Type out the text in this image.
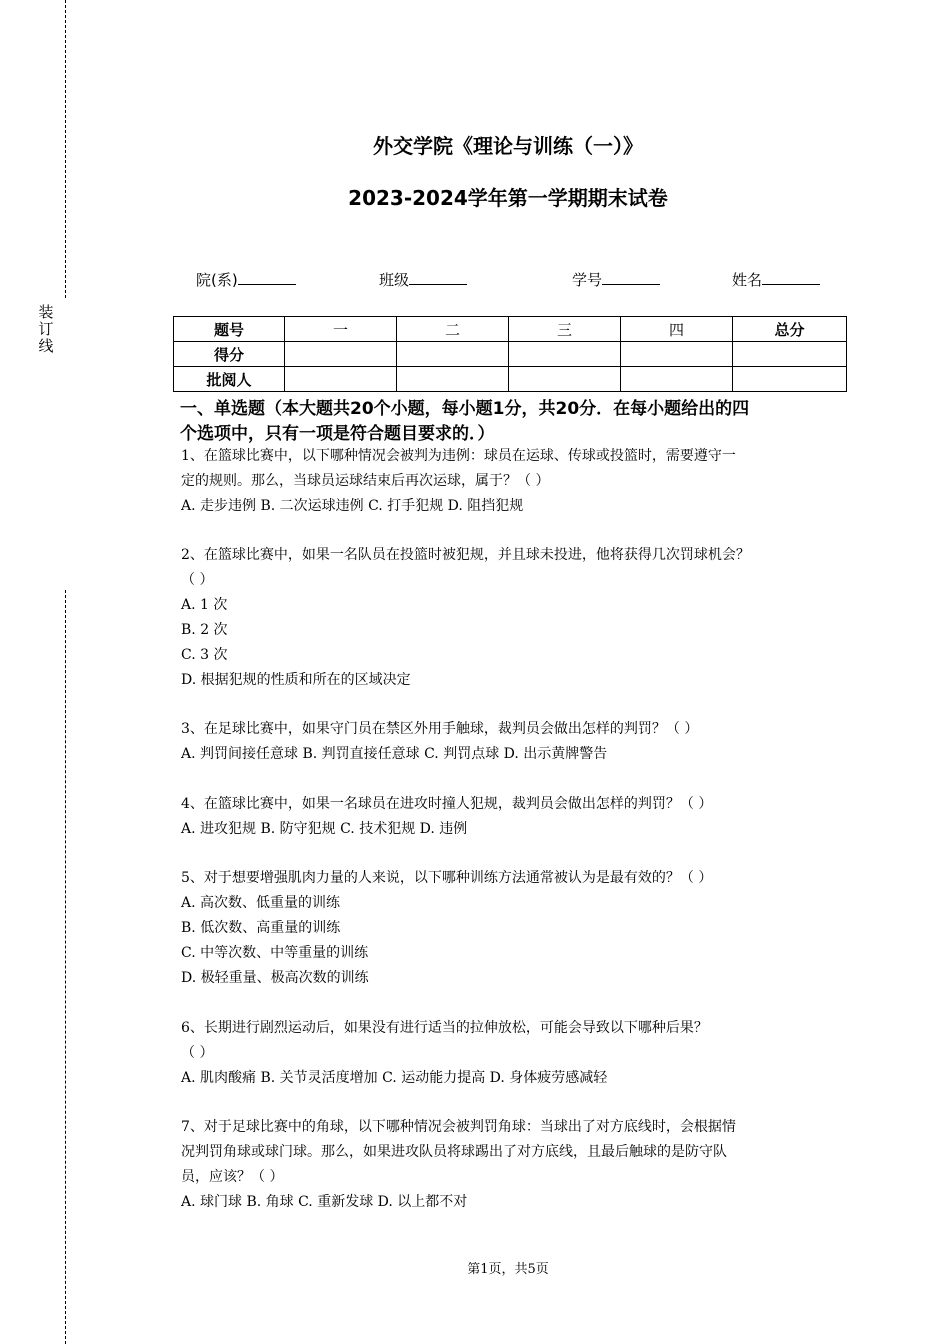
装
订
线
外交学院《理论与训练（一）》
2023-2024学年第一学期期末试卷
院(系)	班级	学号	姓名
题号	一	二	三	四	总分
得分					
批阅人					
一、单选题（本大题共20个小题，每小题1分，共20分．在每小题给出的四
个选项中，只有一项是符合题目要求的．）

1、在篮球比赛中，以下哪种情况会被判为违例：球员在运球、传球或投篮时，需要遵守一

定的规则。那么，当球员运球结束后再次运球，属于？（ ）

A. 走步违例 B. 二次运球违例 C. 打手犯规 D. 阻挡犯规

2、在篮球比赛中，如果一名队员在投篮时被犯规，并且球未投进，他将获得几次罚球机会？

（ ）

A. 1 次

B. 2 次

C. 3 次

D. 根据犯规的性质和所在的区域决定

3、在足球比赛中，如果守门员在禁区外用手触球，裁判员会做出怎样的判罚？（ ）

A. 判罚间接任意球 B. 判罚直接任意球 C. 判罚点球 D. 出示黄牌警告

4、在篮球比赛中，如果一名球员在进攻时撞人犯规，裁判员会做出怎样的判罚？（ ）

A. 进攻犯规 B. 防守犯规 C. 技术犯规 D. 违例

5、对于想要增强肌肉力量的人来说，以下哪种训练方法通常被认为是最有效的？（ ）

A. 高次数、低重量的训练

B. 低次数、高重量的训练

C. 中等次数、中等重量的训练

D. 极轻重量、极高次数的训练

6、长期进行剧烈运动后，如果没有进行适当的拉伸放松，可能会导致以下哪种后果？

（ ）

A. 肌肉酸痛 B. 关节灵活度增加 C. 运动能力提高 D. 身体疲劳感减轻

7、对于足球比赛中的角球，以下哪种情况会被判罚角球：当球出了对方底线时，会根据情

况判罚角球或球门球。那么，如果进攻队员将球踢出了对方底线，且最后触球的是防守队

员，应该？（ ）

A. 球门球 B. 角球 C. 重新发球 D. 以上都不对

第1页，共5页
